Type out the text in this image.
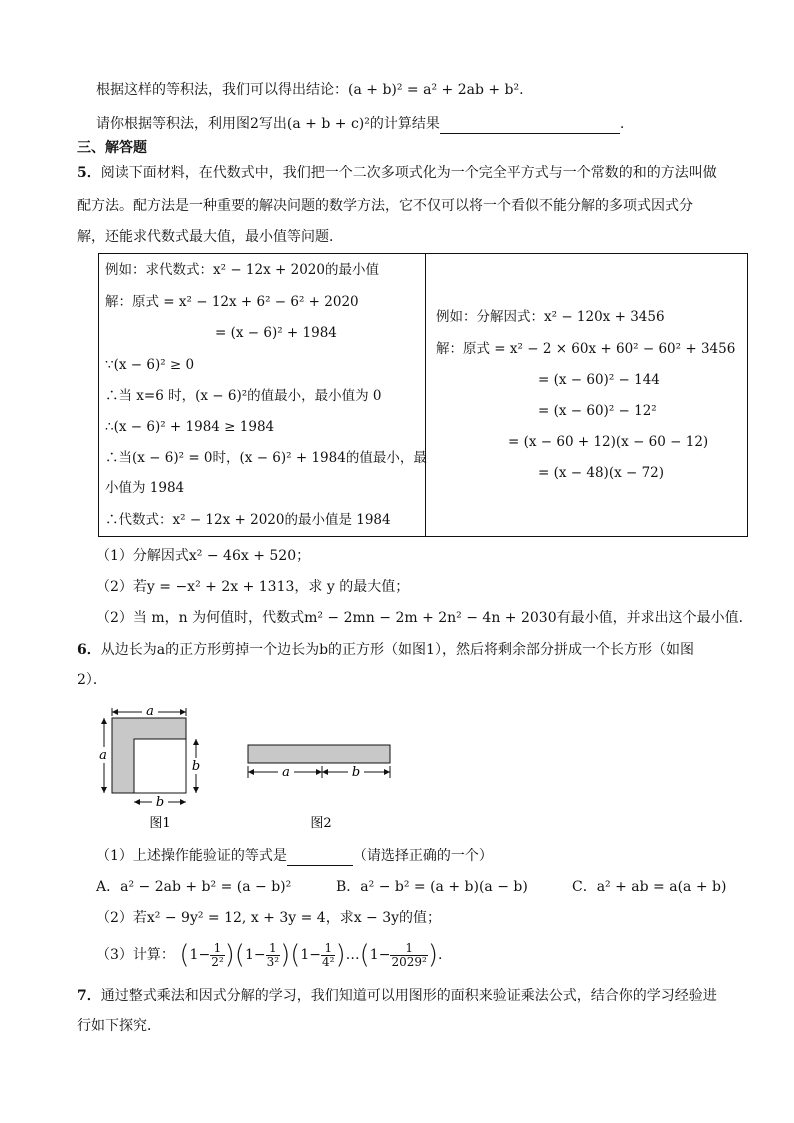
根据这样的等积法，我们可以得出结论：(a + b)² = a² + 2ab + b².
请你根据等积法，利用图2写出(a + b + c)²的计算结果	.
三、解答题
5．阅读下面材料，在代数式中，我们把一个二次多项式化为一个完全平方式与一个常数的和的方法叫做
配方法。配方法是一种重要的解决问题的数学方法，它不仅可以将一个看似不能分解的多项式因式分
解，还能求代数式最大值，最小值等问题．
例如：求代数式：x² − 12x + 2020的最小值
解：原式 = x² − 12x + 6² − 6² + 2020
= (x − 6)² + 1984
∵(x − 6)² ≥ 0
∴当 x=6 时，(x − 6)²的值最小，最小值为 0
∴(x − 6)² + 1984 ≥ 1984
∴当(x − 6)² = 0时，(x − 6)² + 1984的值最小，最
小值为 1984
∴代数式：x² − 12x + 2020的最小值是 1984

例如：分解因式：x² − 120x + 3456
解：原式 = x² − 2 × 60x + 60² − 60² + 3456
= (x − 60)² − 144
= (x − 60)² − 12²
= (x − 60 + 12)(x − 60 − 12)
= (x − 48)(x − 72)
（1）分解因式x² − 46x + 520；
（2）若y = −x² + 2x + 1313，求 y 的最大值；
（2）当 m，n 为何值时，代数式m² − 2mn − 2m + 2n² − 4n + 2030有最小值，并求出这个最小值．
6．从边长为a的正方形剪掉一个边长为b的正方形（如图1），然后将剩余部分拼成一个长方形（如图
2）．
a
a
b
b
图1
a	b
图2
（1）上述操作能验证的等式是	（请选择正确的一个）
A．a² − 2ab + b² = (a − b)²	B．a² − b² = (a + b)(a − b)	C．a² + ab = a(a + b)
（2）若x² − 9y² = 12, x + 3y = 4，求x − 3y的值；
（3）计算： $(1- \frac{1}{\text{2²}} )(1- \frac{1}{\text{3²}} )(1- \frac{1}{\text{4²}}$ )…(1− $\frac{1}{\text{2029²}}$ ).
7．通过整式乘法和因式分解的学习，我们知道可以用图形的面积来验证乘法公式，结合你的学习经验进
行如下探究．
